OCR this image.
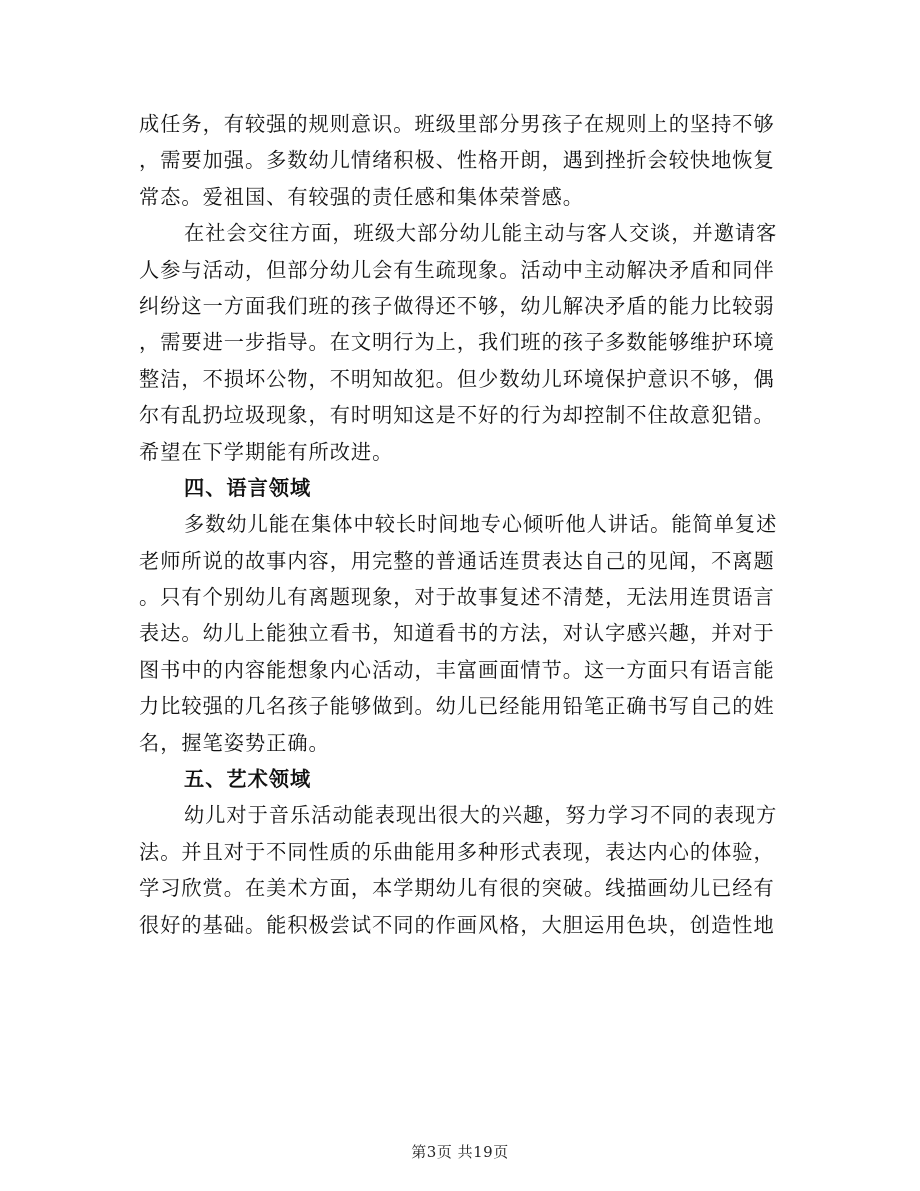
成任务，有较强的规则意识。班级里部分男孩子在规则上的坚持不够
，需要加强。多数幼儿情绪积极、性格开朗，遇到挫折会较快地恢复
常态。爱祖国、有较强的责任感和集体荣誉感。
在社会交往方面，班级大部分幼儿能主动与客人交谈，并邀请客
人参与活动，但部分幼儿会有生疏现象。活动中主动解决矛盾和同伴
纠纷这一方面我们班的孩子做得还不够，幼儿解决矛盾的能力比较弱
，需要进一步指导。在文明行为上，我们班的孩子多数能够维护环境
整洁，不损坏公物，不明知故犯。但少数幼儿环境保护意识不够，偶
尔有乱扔垃圾现象，有时明知这是不好的行为却控制不住故意犯错。
希望在下学期能有所改进。
四、语言领域
多数幼儿能在集体中较长时间地专心倾听他人讲话。能简单复述
老师所说的故事内容，用完整的普通话连贯表达自己的见闻，不离题
。只有个别幼儿有离题现象，对于故事复述不清楚，无法用连贯语言
表达。幼儿上能独立看书，知道看书的方法，对认字感兴趣，并对于
图书中的内容能想象内心活动，丰富画面情节。这一方面只有语言能
力比较强的几名孩子能够做到。幼儿已经能用铅笔正确书写自己的姓
名，握笔姿势正确。
五、艺术领域
幼儿对于音乐活动能表现出很大的兴趣，努力学习不同的表现方
法。并且对于不同性质的乐曲能用多种形式表现，表达内心的体验，
学习欣赏。在美术方面，本学期幼儿有很的突破。线描画幼儿已经有
很好的基础。能积极尝试不同的作画风格，大胆运用色块，创造性地
第3页 共19页
